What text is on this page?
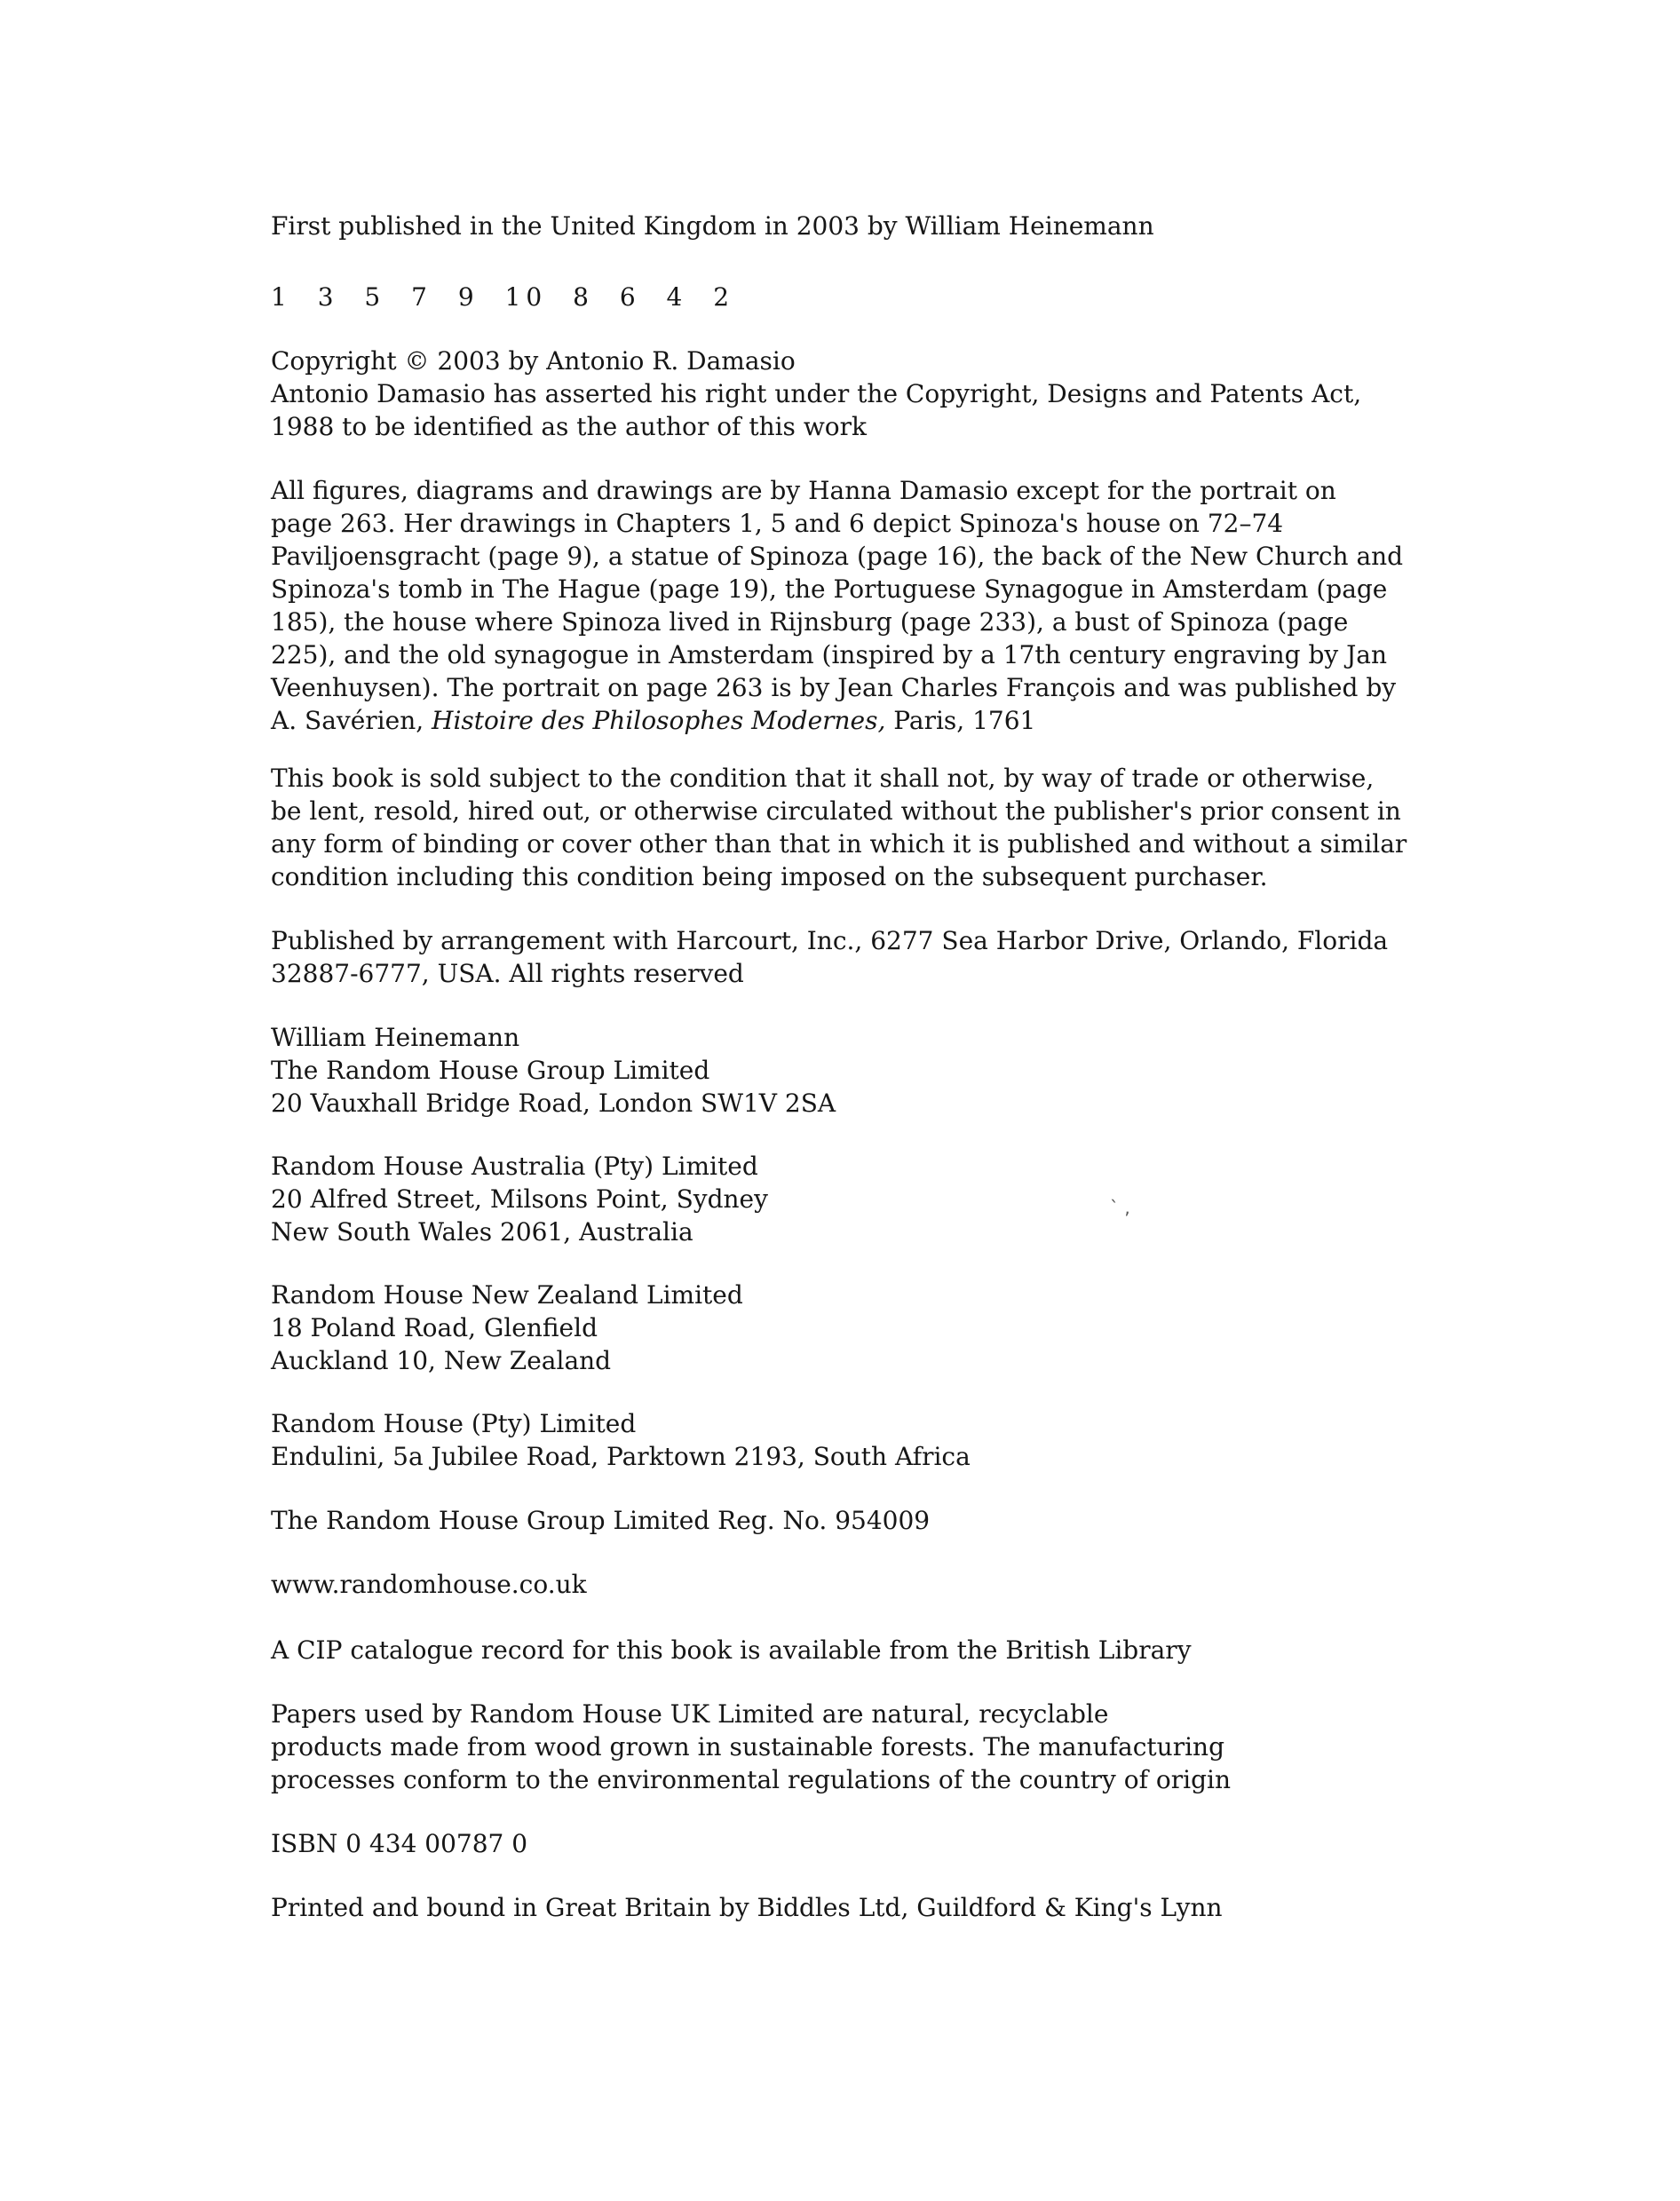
First published in the United Kingdom in 2003 by William Heinemann
1 3 5 7 9 10 8 6 4 2
Copyright © 2003 by Antonio R. Damasio
Antonio Damasio has asserted his right under the Copyright, Designs and Patents Act,
1988 to be identified as the author of this work
All figures, diagrams and drawings are by Hanna Damasio except for the portrait on
page 263. Her drawings in Chapters 1, 5 and 6 depict Spinoza's house on 72–74
Paviljoensgracht (page 9), a statue of Spinoza (page 16), the back of the New Church and
Spinoza's tomb in The Hague (page 19), the Portuguese Synagogue in Amsterdam (page
185), the house where Spinoza lived in Rijnsburg (page 233), a bust of Spinoza (page
225), and the old synagogue in Amsterdam (inspired by a 17th century engraving by Jan
Veenhuysen). The portrait on page 263 is by Jean Charles François and was published by
A. Savérien, Histoire des Philosophes Modernes, Paris, 1761
This book is sold subject to the condition that it shall not, by way of trade or otherwise,
be lent, resold, hired out, or otherwise circulated without the publisher's prior consent in
any form of binding or cover other than that in which it is published and without a similar
condition including this condition being imposed on the subsequent purchaser.
Published by arrangement with Harcourt, Inc., 6277 Sea Harbor Drive, Orlando, Florida
32887-6777, USA. All rights reserved
William Heinemann
The Random House Group Limited
20 Vauxhall Bridge Road, London SW1V 2SA
Random House Australia (Pty) Limited
20 Alfred Street, Milsons Point, Sydney
New South Wales 2061, Australia
` ,
Random House New Zealand Limited
18 Poland Road, Glenfield
Auckland 10, New Zealand
Random House (Pty) Limited
Endulini, 5a Jubilee Road, Parktown 2193, South Africa
The Random House Group Limited Reg. No. 954009
www.randomhouse.co.uk
A CIP catalogue record for this book is available from the British Library
Papers used by Random House UK Limited are natural, recyclable
products made from wood grown in sustainable forests. The manufacturing
processes conform to the environmental regulations of the country of origin
ISBN 0 434 00787 0
Printed and bound in Great Britain by Biddles Ltd, Guildford & King's Lynn
